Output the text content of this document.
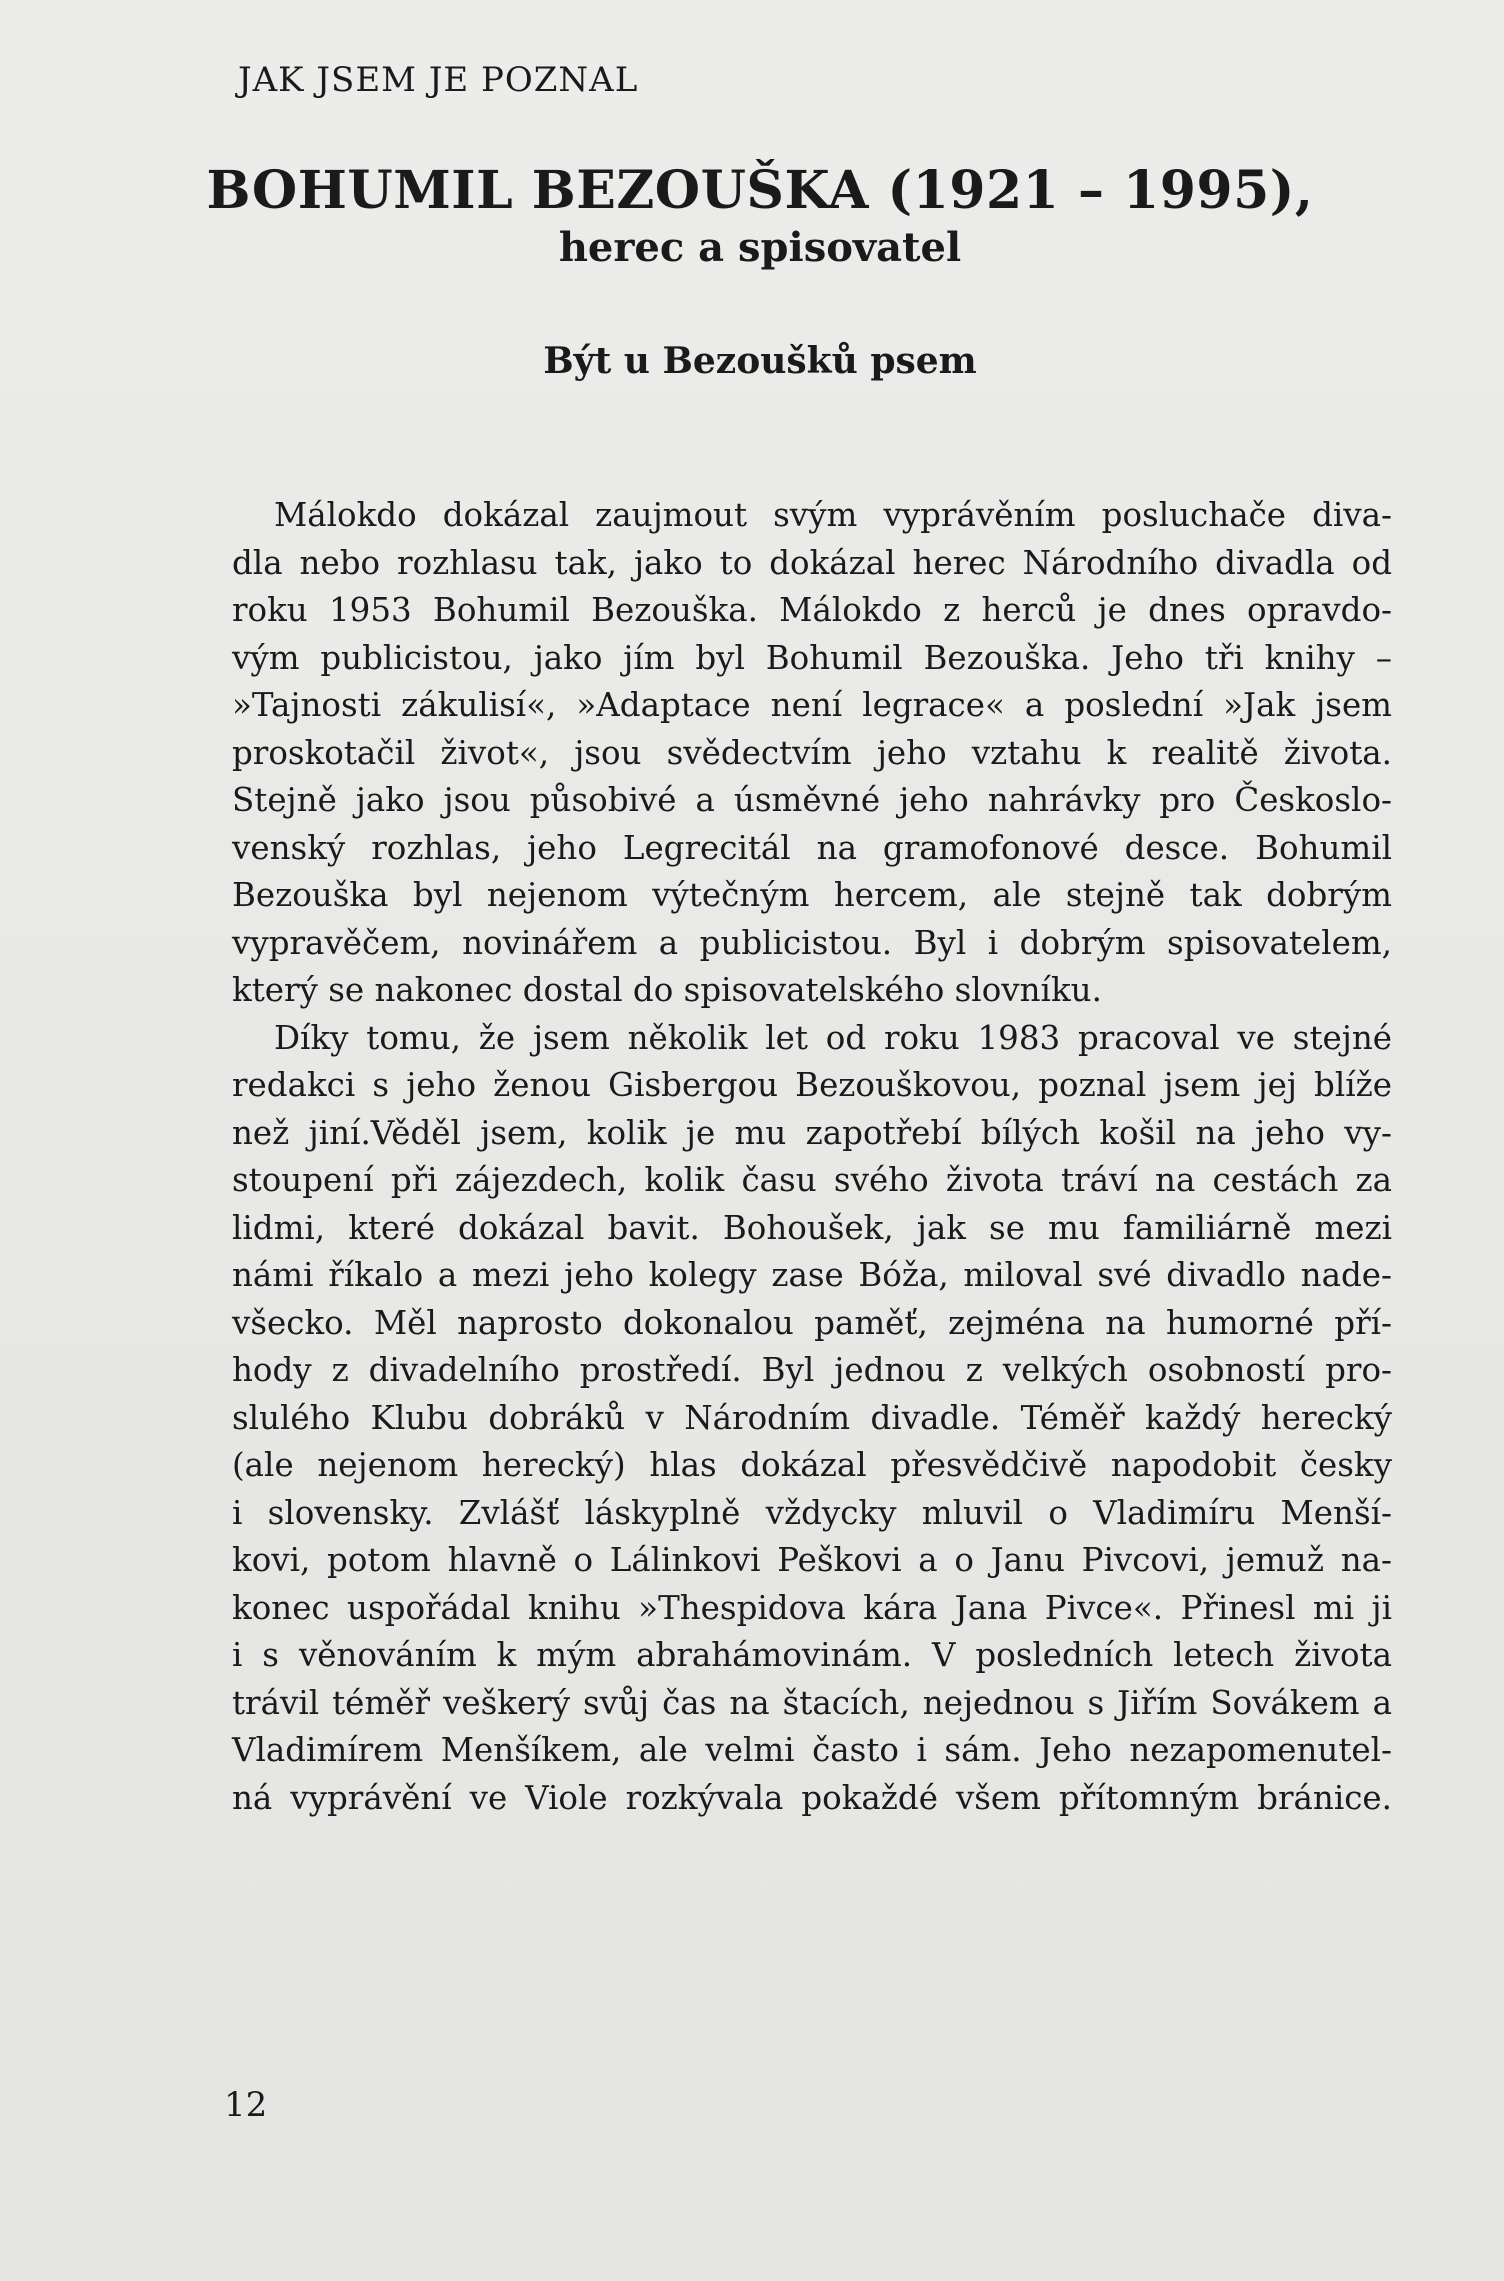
JAK JSEM JE POZNAL
BOHUMIL BEZOUŠKA (1921 – 1995),
herec a spisovatel
Být u Bezoušků psem
Málokdo dokázal zaujmout svým vyprávěním posluchače diva-
dla nebo rozhlasu tak, jako to dokázal herec Národního divadla od
roku 1953 Bohumil Bezouška. Málokdo z herců je dnes opravdo-
vým publicistou, jako jím byl Bohumil Bezouška. Jeho tři knihy –
»Tajnosti zákulisí«, »Adaptace není legrace« a poslední »Jak jsem
proskotačil život«, jsou svědectvím jeho vztahu k realitě života.
Stejně jako jsou působivé a úsměvné jeho nahrávky pro Českoslo-
venský rozhlas, jeho Legrecitál na gramofonové desce. Bohumil
Bezouška byl nejenom výtečným hercem, ale stejně tak dobrým
vypravěčem, novinářem a publicistou. Byl i dobrým spisovatelem,
který se nakonec dostal do spisovatelského slovníku.
Díky tomu, že jsem několik let od roku 1983 pracoval ve stejné
redakci s jeho ženou Gisbergou Bezouškovou, poznal jsem jej blíže
než jiní.Věděl jsem, kolik je mu zapotřebí bílých košil na jeho vy-
stoupení při zájezdech, kolik času svého života tráví na cestách za
lidmi, které dokázal bavit. Bohoušek, jak se mu familiárně mezi
námi říkalo a mezi jeho kolegy zase Bóža, miloval své divadlo nade-
všecko. Měl naprosto dokonalou paměť, zejména na humorné pří-
hody z divadelního prostředí. Byl jednou z velkých osobností pro-
slulého Klubu dobráků v Národním divadle. Téměř každý herecký
(ale nejenom herecký) hlas dokázal přesvědčivě napodobit česky
i slovensky. Zvlášť láskyplně vždycky mluvil o Vladimíru Menší-
kovi, potom hlavně o Lálinkovi Peškovi a o Janu Pivcovi, jemuž na-
konec uspořádal knihu »Thespidova kára Jana Pivce«. Přinesl mi ji
i s věnováním k mým abrahámovinám. V posledních letech života
trávil téměř veškerý svůj čas na štacích, nejednou s Jiřím Sovákem a
Vladimírem Menšíkem, ale velmi často i sám. Jeho nezapomenutel-
ná vyprávění ve Viole rozkývala pokaždé všem přítomným bránice.
12
